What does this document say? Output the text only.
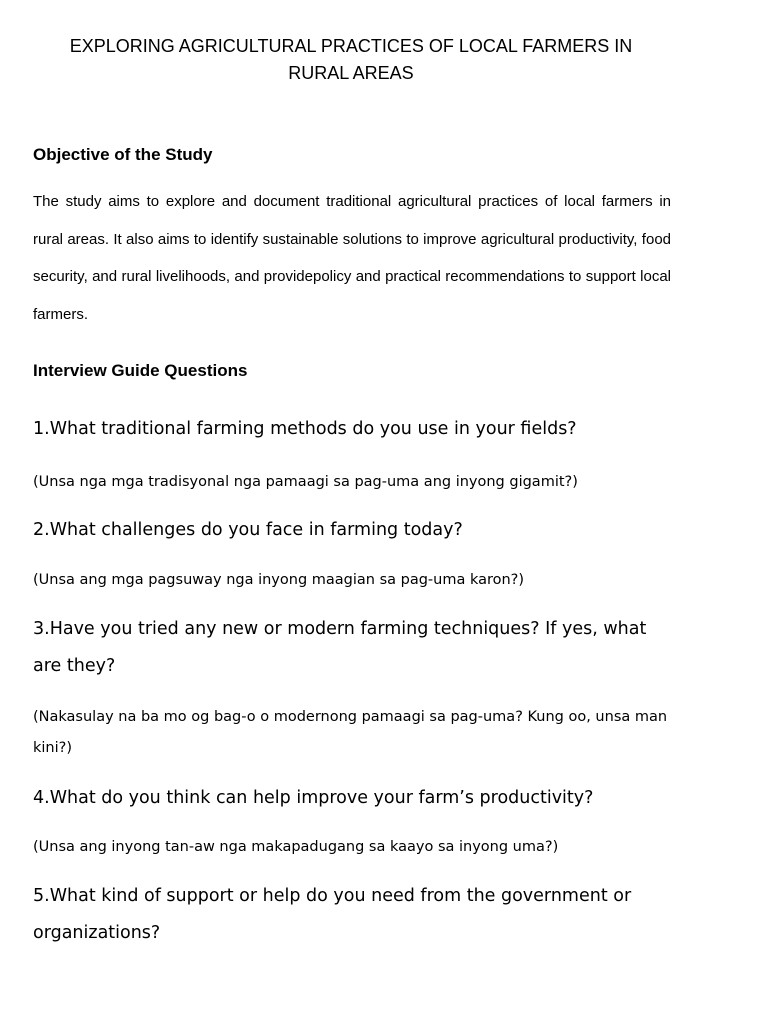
EXPLORING AGRICULTURAL PRACTICES OF LOCAL FARMERS IN RURAL AREAS
Objective of the Study

The study aims to explore and document traditional agricultural practices of local farmers in rural areas. It also aims to identify sustainable solutions to improve agricultural productivity, food security, and rural livelihoods, and providepolicy and practical recommendations to support local farmers.

Interview Guide Questions

1.What traditional farming methods do you use in your fields?

(Unsa nga mga tradisyonal nga pamaagi sa pag-uma ang inyong gigamit?)

2.What challenges do you face in farming today?

(Unsa ang mga pagsuway nga inyong maagian sa pag-uma karon?)

3.Have you tried any new or modern farming techniques? If yes, what are they?

(Nakasulay na ba mo og bag-o o modernong pamaagi sa pag-uma? Kung oo, unsa man kini?)

4.What do you think can help improve your farm’s productivity?

(Unsa ang inyong tan-aw nga makapadugang sa kaayo sa inyong uma?)

5.What kind of support or help do you need from the government or organizations?
